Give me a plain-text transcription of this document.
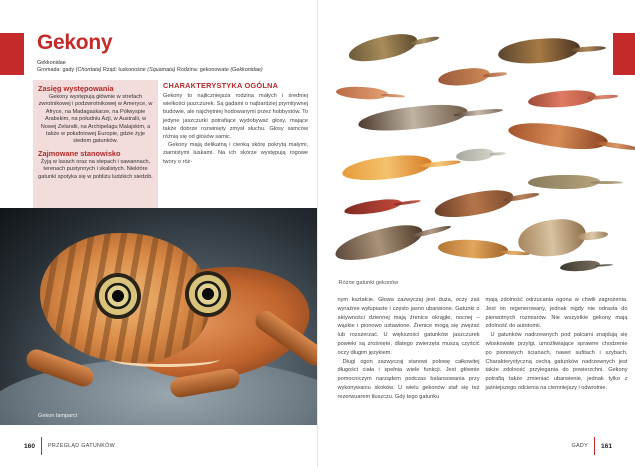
Gekony
Gekkonidae
Gromada: gady (Chordata) Rząd: łuskonośne (Squamata) Rodzina: gekonowate (Gekkonidae)
Zasięg występowania

Gekony występują głównie w strefach zwrotnikowej i podzwrotnikowej w Ameryce, w Afryce, na Madagaskarze, na Półwyspie Arabskim, na południu Azji, w Australii, w Nowej Zelandii, na Archipelagu Malajskim, a także w południowej Europie, gdzie żyje siedem gatunków.

Zajmowane stanowisko

Żyją w lasach oraz na stepach i sawannach, terenach pustynnych i skalistych. Niektóre gatunki spotyka się w pobliżu ludzkich siedzib.

CHARAKTERYSTYKA OGÓLNA

Gekony to najliczniejsza rodzina małych i średniej wielkości jaszczurek. Są gadami o najbardziej prymitywnej budowie, ale najchętniej hodowanymi przez hobbystów. To jedyne jaszczurki potrafiące wydobywać głosy, mające także dobrze rozwinięty zmysł słuchu. Głosy samców różnią się od głosów samic.

Gekony mają delikatną i cienką skórę pokrytą małymi, ziarnistymi łuskami. Na ich skórze występują rogowe twory o róż-

Gekon lamparci
160 PRZEGLĄD GATUNKÓW
Różne gatunki gekonów

nym kształcie. Głowa zazwyczaj jest duża, oczy zaś wyraźnie wyłupiaste i często jasno ubarwione. Gatunki o aktywności dziennej mają źrenice okrągłe, nocnej – wąskie i pionowo ustawione. Źrenice mogą się zwężać lub rozszerzać. U większości gatunków jaszczurek powieki są zrośnięte, dlatego zwierzęta muszą czyścić oczy długim językiem.

Długi ogon zazwyczaj stanowi połowę całkowitej długości ciała i spełnia wiele funkcji. Jest głównie pomocniczym narządem podczas balansowania przy wykonywaniu skoków. U wielu gekonów staf się też rezerwuarem tłuszczu. Gdy tego gatunku

mają zdolność odrzucania ogona w chwili zagrożenia. Jest on regenerowany, jednak nigdy nie odrasta do pierwotnych rozmiarów. Nie wszystkie gekony mają zdolność do autotomii.

U gatunków nadrzewnych pod palcami znajdują się włoskowate przylgi, umożliwiające sprawne chodzenie po pionowych ścianach, nawet sufitach i szybach. Charakterystyczną cechą gatunków nadrzewnych jest także zdolność przylegania do powierzchni. Gekony potrafią także zmieniać ubarwienie, jednak tylko z jaśniejszego odcienia na ciemniejszy i odwrotnie.

GADY 161
